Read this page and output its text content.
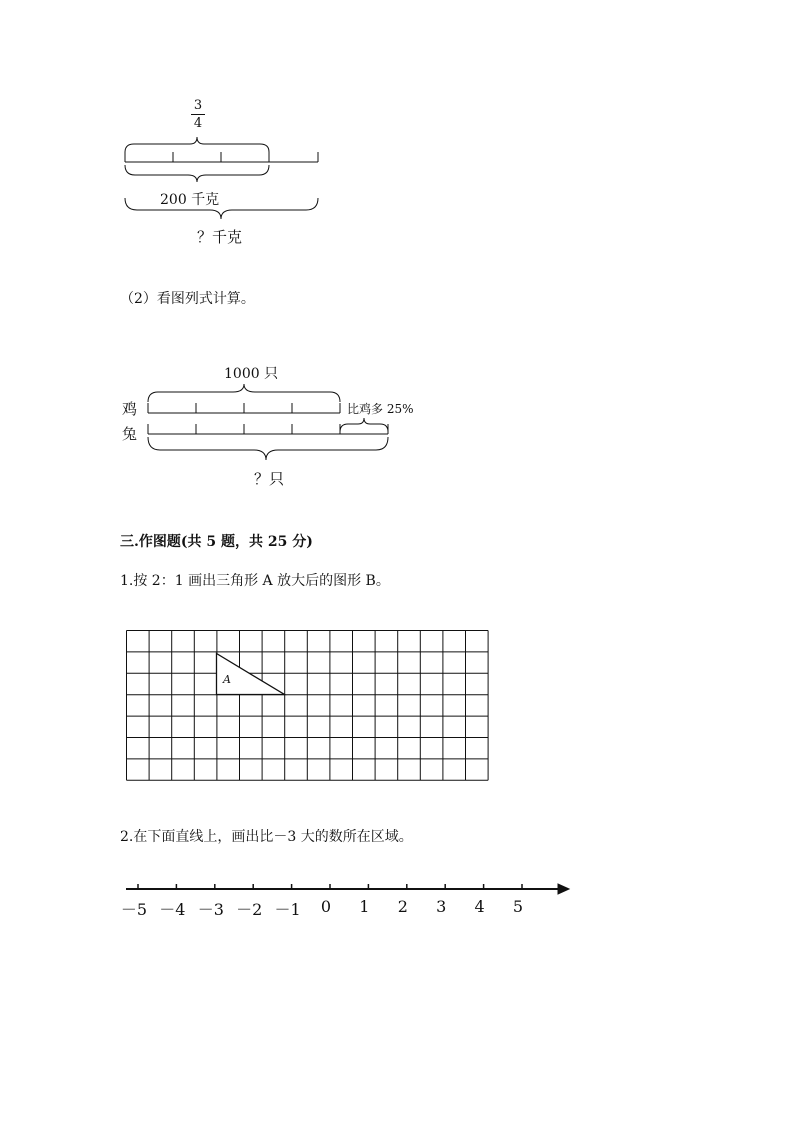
3
4
200 千克
？千克
（2）看图列式计算。
1000 只
鸡
兔
比鸡多 25%
？只
三.作图题(共 5 题，共 25 分)
1.按 2：1 画出三角形 A 放大后的图形 B。
A
2.在下面直线上，画出比－3 大的数所在区域。
－5 －4 －3 －2 －1	0	1	2	3	4	5
